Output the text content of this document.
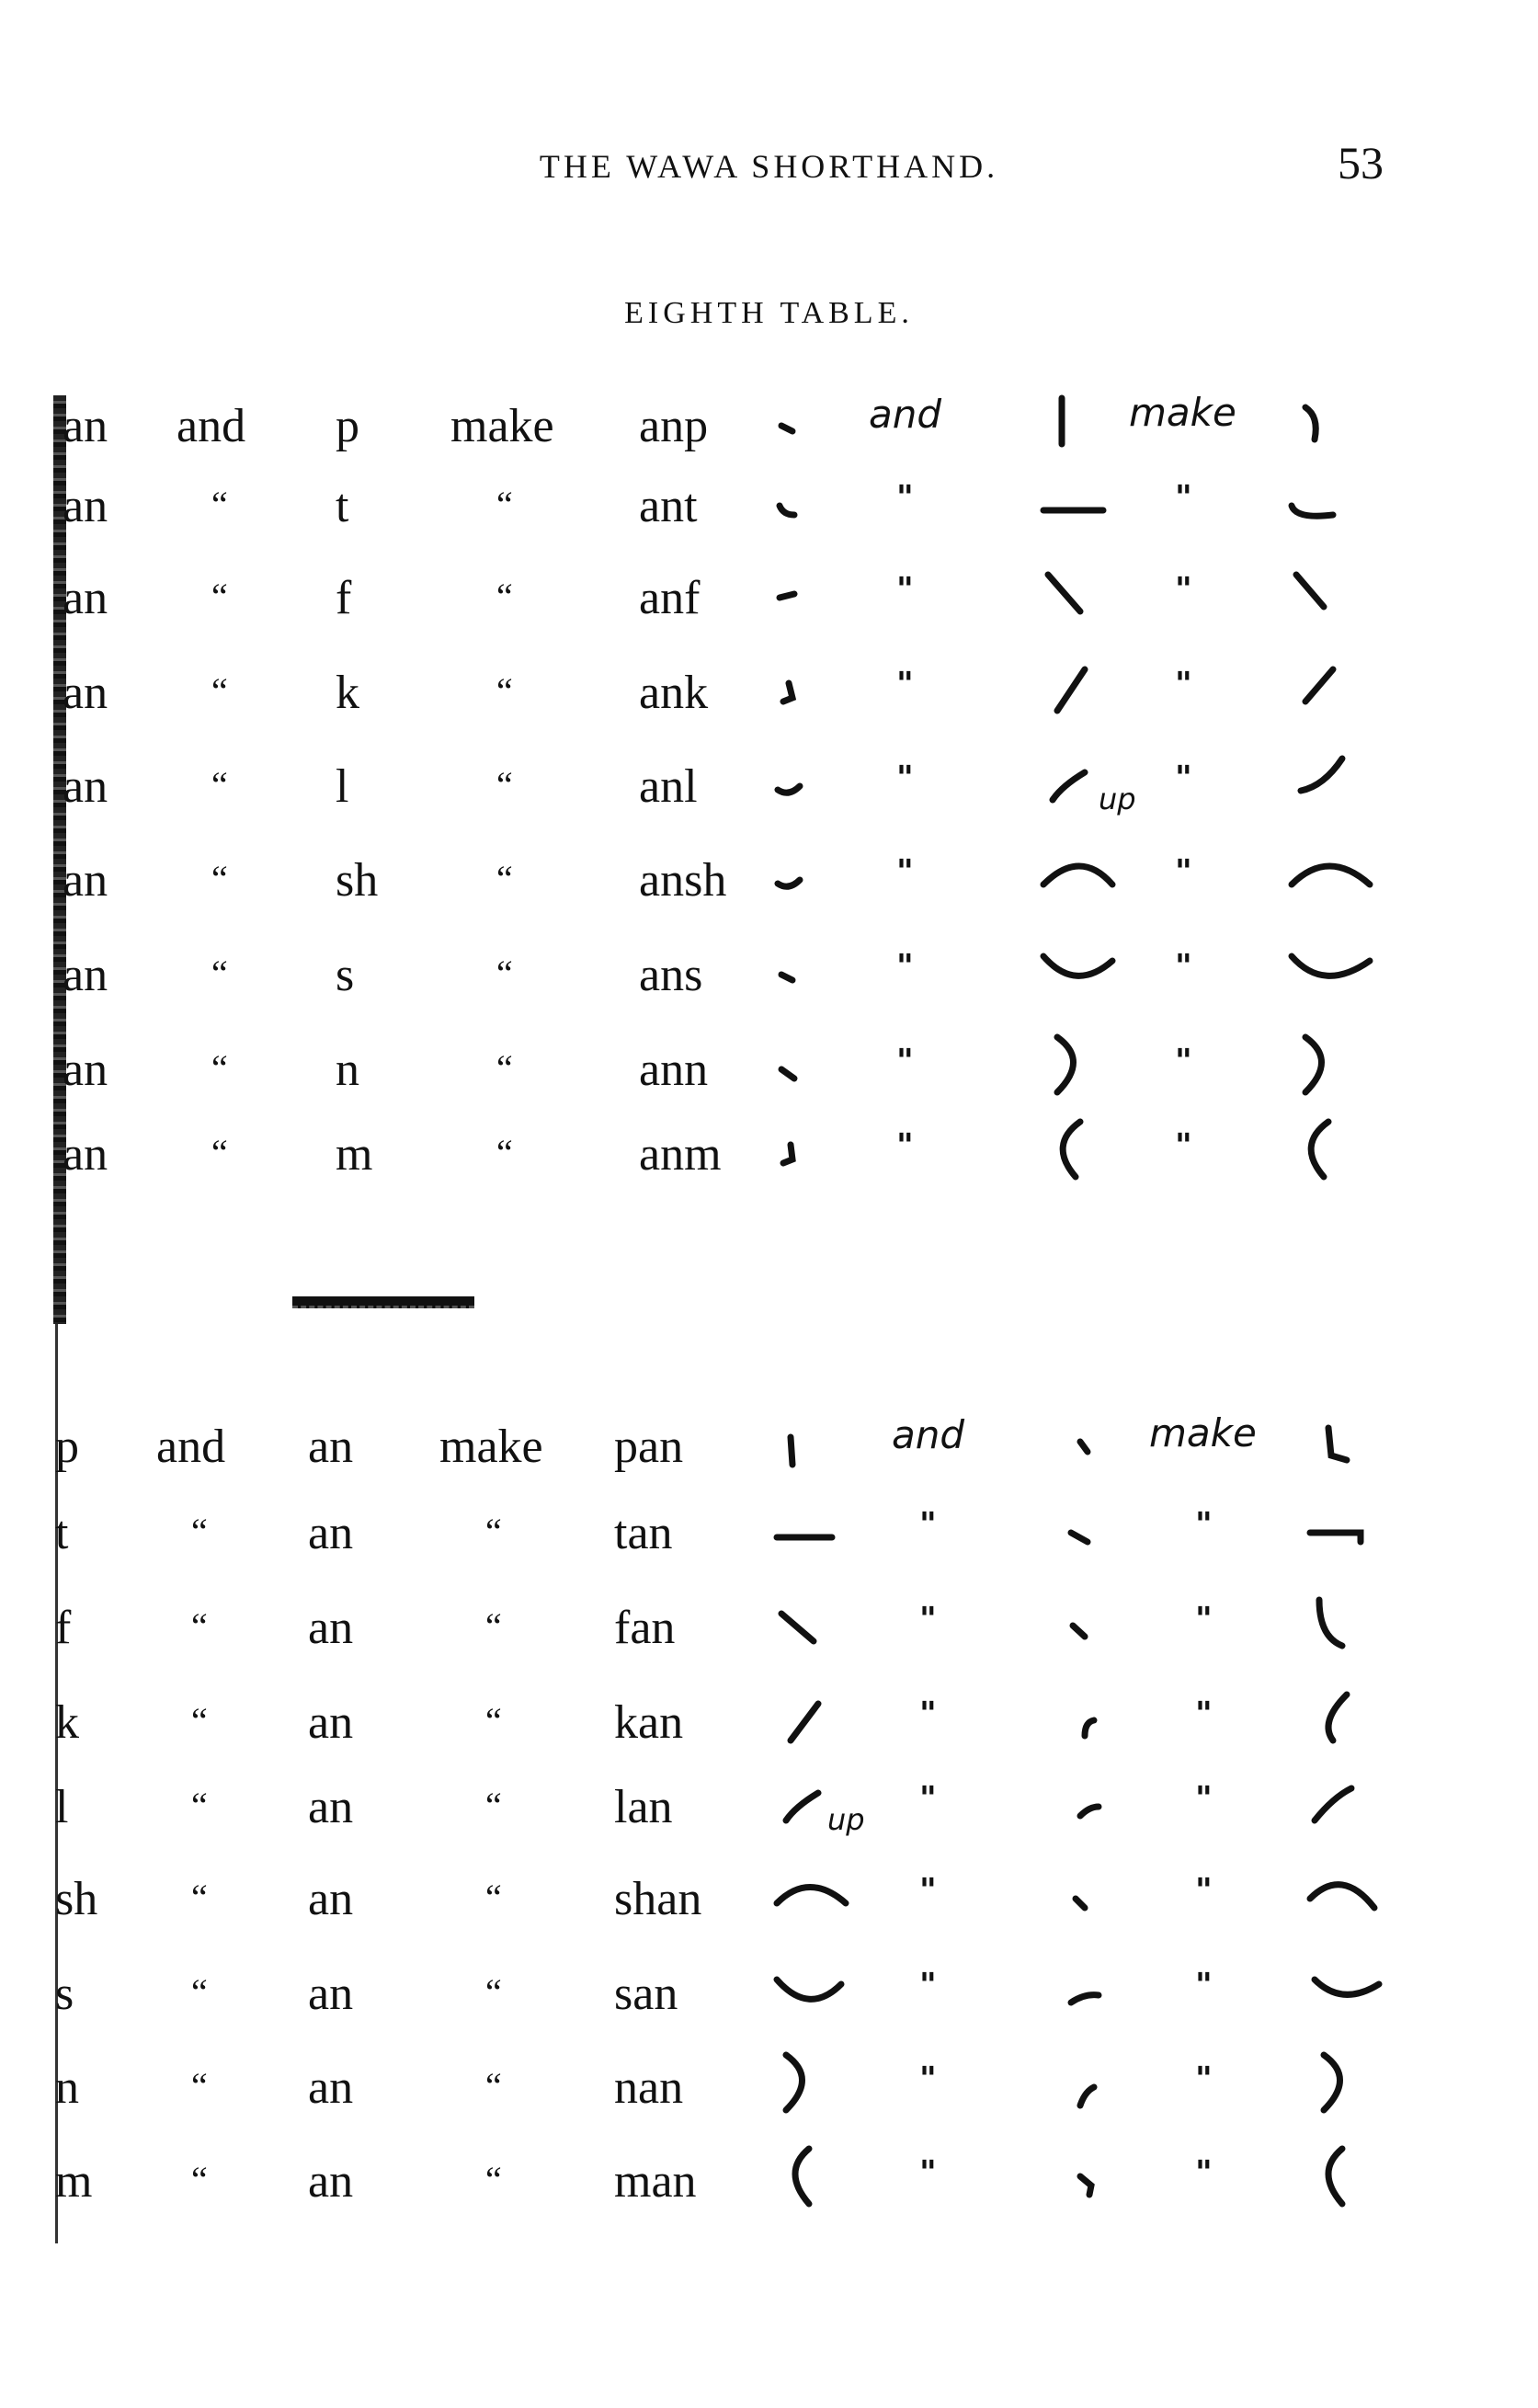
THE WAWA SHORTHAND.	53
EIGHTH TABLE.
an and p make anp	and	make
an	“ t	“	ant	"	"
an	“ f	“	anf	"	"
an	“ k	“	ank	"	"
an	“ l	“	anl	"	"
an	“ sh	“	ansh	"	"
an	“ s	“	ans	"	"
an	“ n	“	ann	"	"
an	“ m	“	anm	"	"
up
p and an make pan	and	make
t	“ an	“ tan	"	"
f	“ an	“ fan	"	"
k	“ an	“ kan	"	"
l	“ an	“ lan	"	"
sh	“ an	“ shan	"	"
s	“ an	“ san	"	"
n	“ an	“ nan	"	"
m	“ an	“ man	"	"
up
